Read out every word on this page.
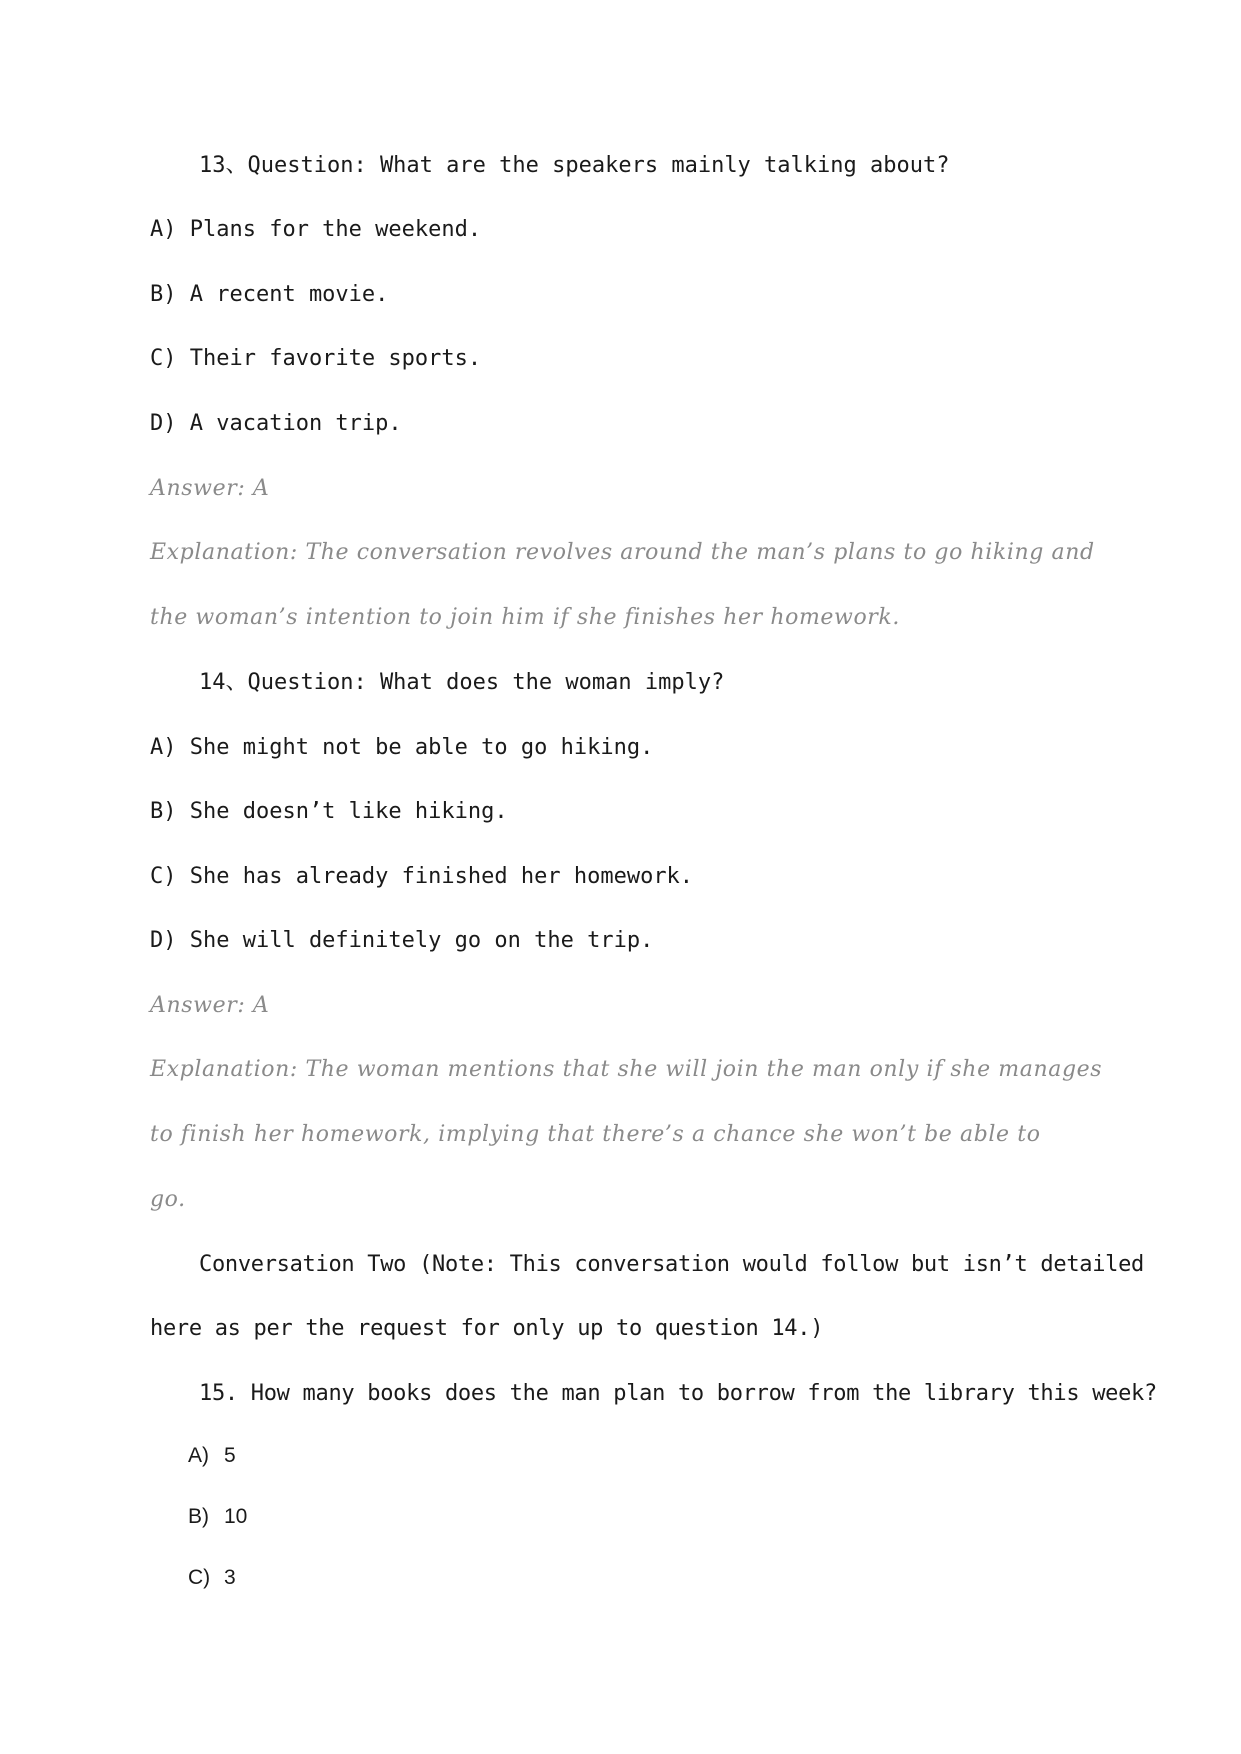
13、Question: What are the speakers mainly talking about?
A) Plans for the weekend.
B) A recent movie.
C) Their favorite sports.
D) A vacation trip.
Answer: A
Explanation: The conversation revolves around the man’s plans to go hiking and
the woman’s intention to join him if she finishes her homework.
14、Question: What does the woman imply?
A) She might not be able to go hiking.
B) She doesn’t like hiking.
C) She has already finished her homework.
D) She will definitely go on the trip.
Answer: A
Explanation: The woman mentions that she will join the man only if she manages
to finish her homework, implying that there’s a chance she won’t be able to
go.
Conversation Two (Note: This conversation would follow but isn’t detailed
here as per the request for only up to question 14.)
15. How many books does the man plan to borrow from the library this week?
A) 5
B) 10
C) 3
